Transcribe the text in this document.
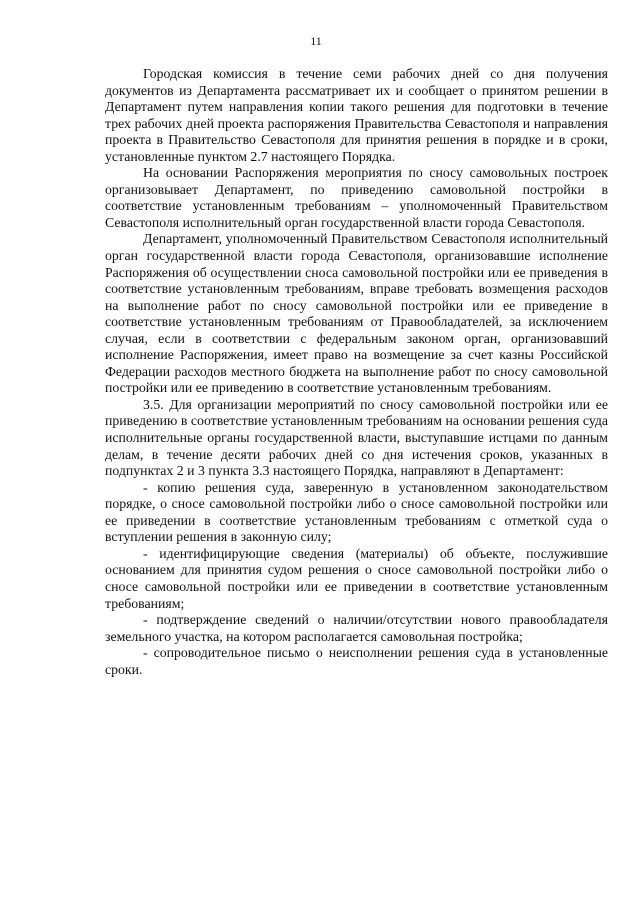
11

Городская комиссия в течение семи рабочих дней со дня получения документов из Департамента рассматривает их и сообщает о принятом решении в Департамент путем направления копии такого решения для подготовки в течение трех рабочих дней проекта распоряжения Правительства Севастополя и направления проекта в Правительство Севастополя для принятия решения в порядке и в сроки, установленные пунктом 2.7 настоящего Порядка.

На основании Распоряжения мероприятия по сносу самовольных построек организовывает Департамент, по приведению самовольной постройки в соответствие установленным требованиям – уполномоченный Правительством Севастополя исполнительный орган государственной власти города Севастополя.

Департамент, уполномоченный Правительством Севастополя исполнительный орган государственной власти города Севастополя, организовавшие исполнение Распоряжения об осуществлении сноса самовольной постройки или ее приведения в соответствие установленным требованиям, вправе требовать возмещения расходов на выполнение работ по сносу самовольной постройки или ее приведение в соответствие установленным требованиям от Правообладателей, за исключением случая, если в соответствии с федеральным законом орган, организовавший исполнение Распоряжения, имеет право на возмещение за счет казны Российской Федерации расходов местного бюджета на выполнение работ по сносу самовольной постройки или ее приведению в соответствие установленным требованиям.

3.5. Для организации мероприятий по сносу самовольной постройки или ее приведению в соответствие установленным требованиям на основании решения суда исполнительные органы государственной власти, выступавшие истцами по данным делам, в течение десяти рабочих дней со дня истечения сроков, указанных в подпунктах 2 и 3 пункта 3.3 настоящего Порядка, направляют в Департамент:

- копию решения суда, заверенную в установленном законодательством порядке, о сносе самовольной постройки либо о сносе самовольной постройки или ее приведении в соответствие установленным требованиям с отметкой суда о вступлении решения в законную силу;

- идентифицирующие сведения (материалы) об объекте, послужившие основанием для принятия судом решения о сносе самовольной постройки либо о сносе самовольной постройки или ее приведении в соответствие установленным требованиям;

- подтверждение сведений о наличии/отсутствии нового правообладателя земельного участка, на котором располагается самовольная постройка;

- сопроводительное письмо о неисполнении решения суда в установленные сроки.
